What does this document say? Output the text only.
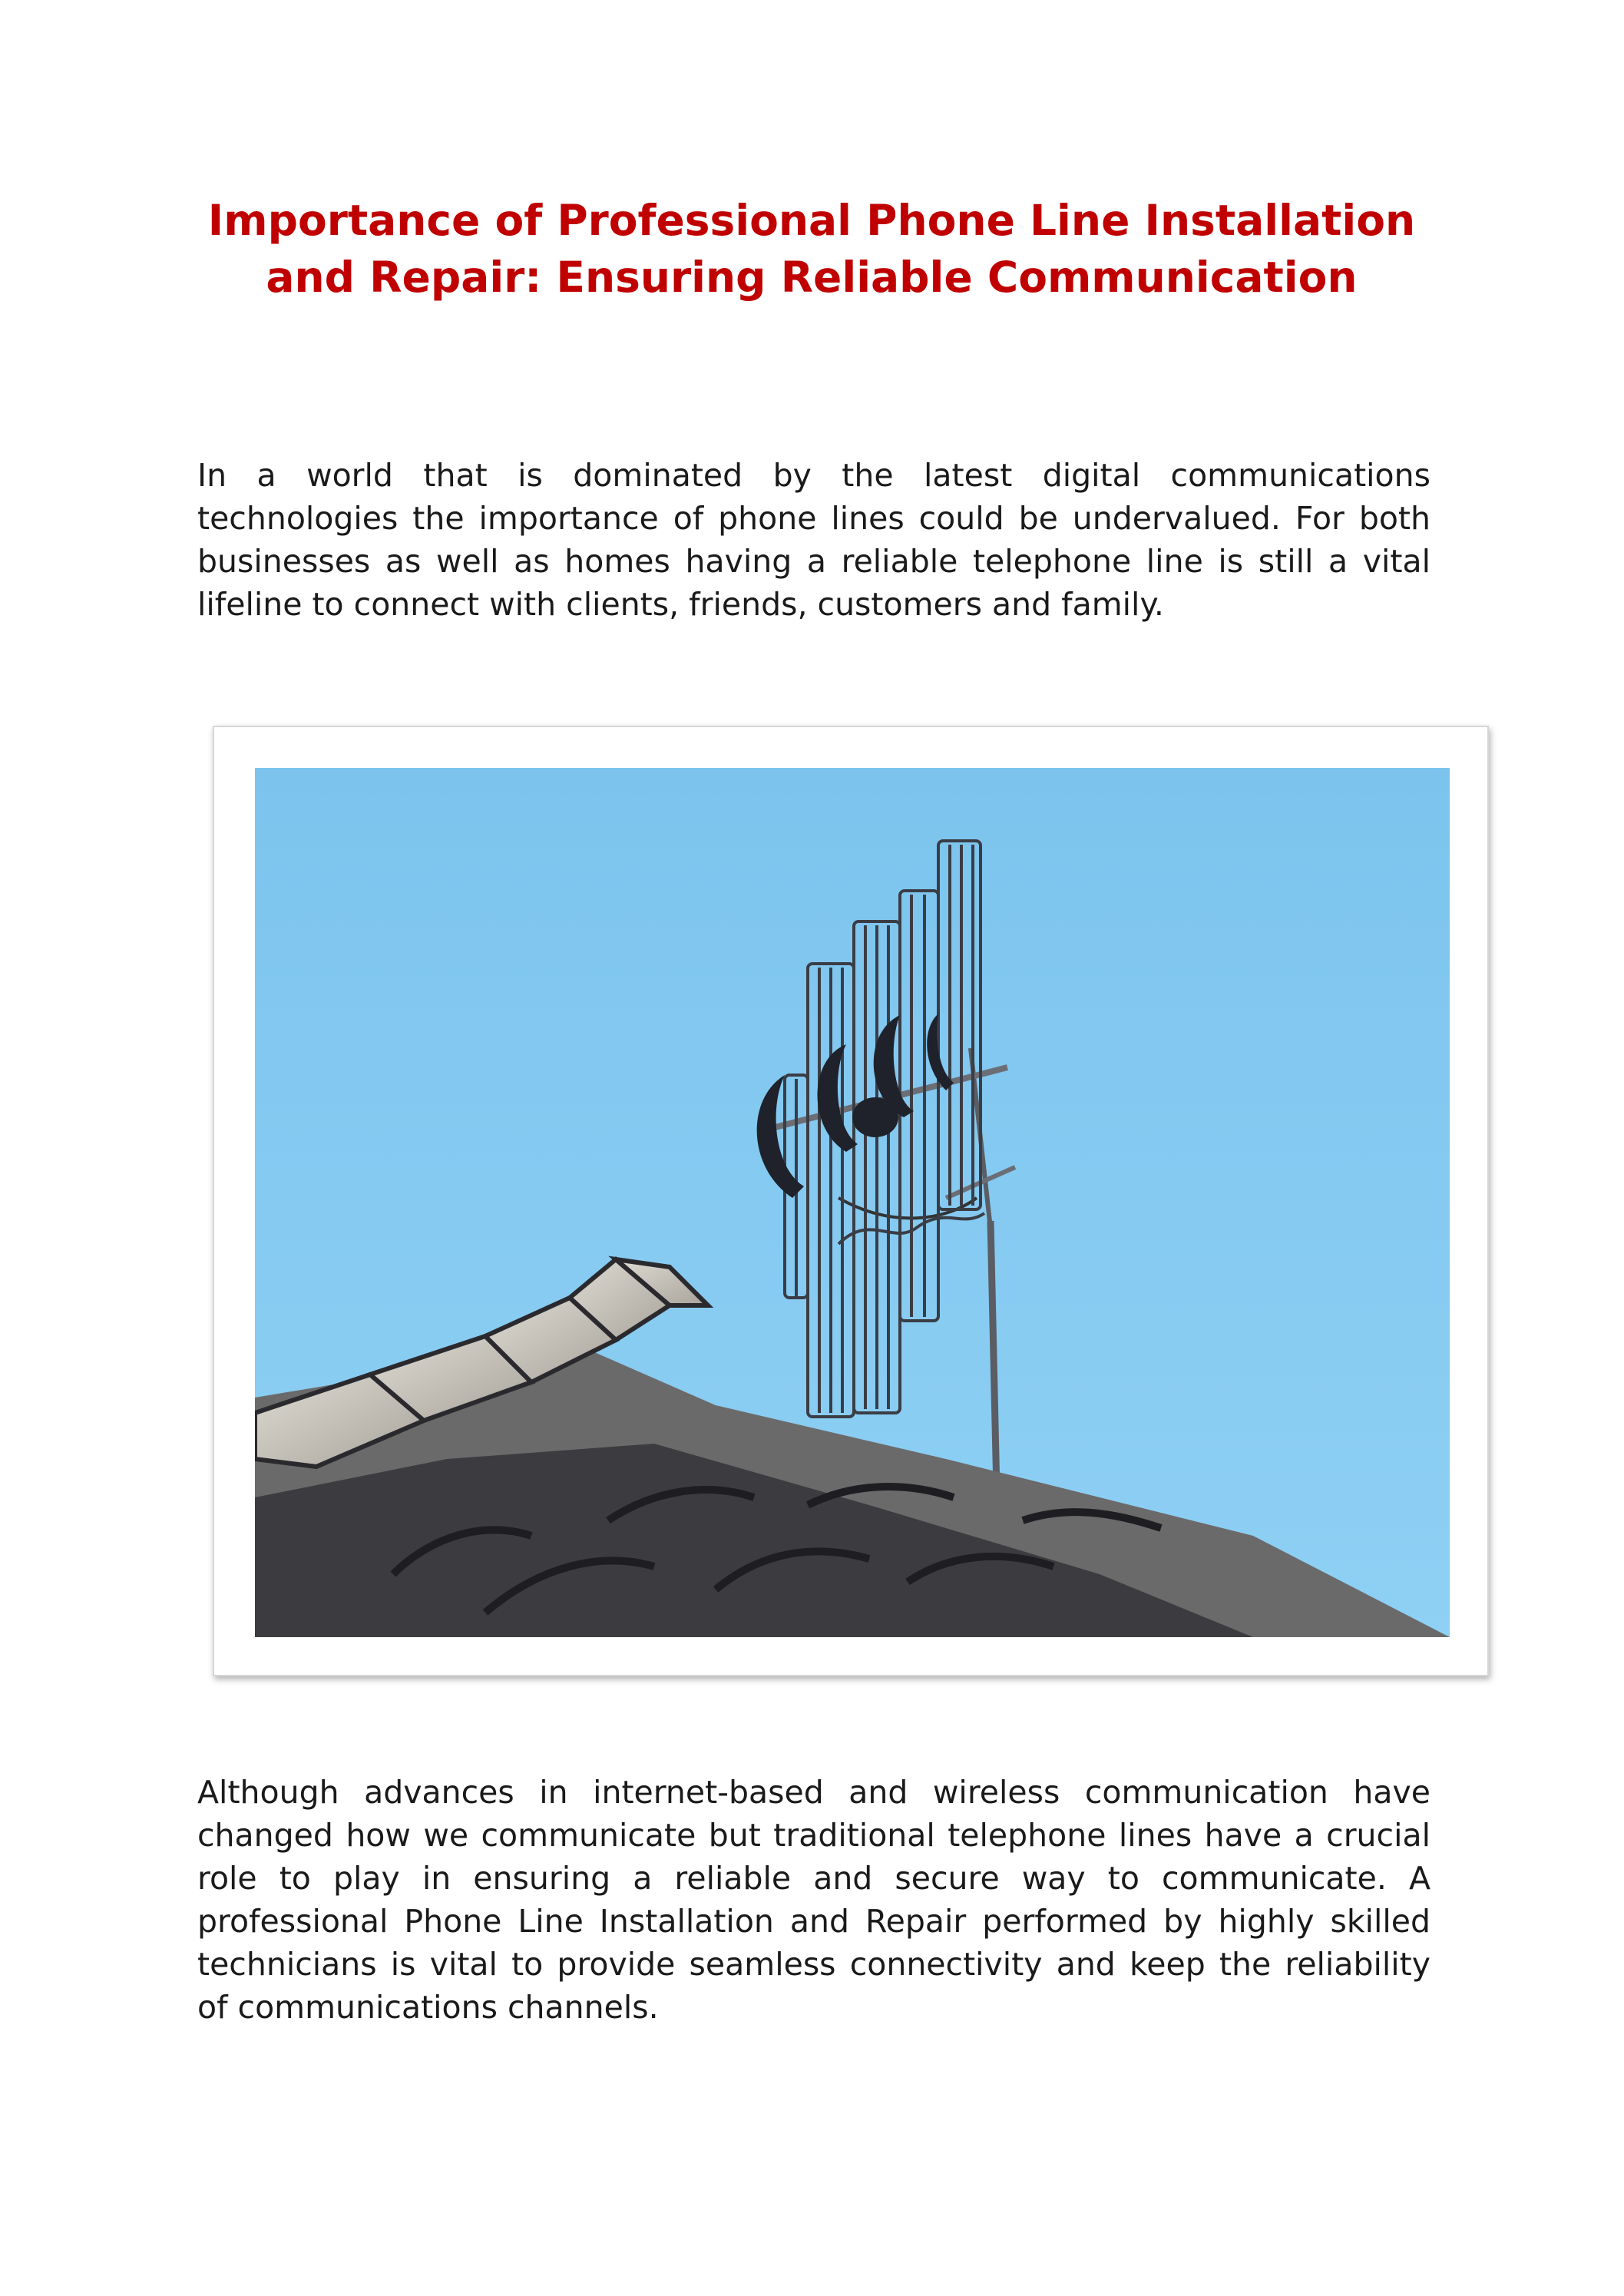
Importance of Professional Phone Line Installation and Repair: Ensuring Reliable Communication

In a world that is dominated by the latest digital communications technologies the importance of phone lines could be undervalued. For both businesses as well as homes having a reliable telephone line is still a vital lifeline to connect with clients, friends, customers and family.

Although advances in internet-based and wireless communication have changed how we communicate but traditional telephone lines have a crucial role to play in ensuring a reliable and secure way to communicate. A professional Phone Line Installation and Repair performed by highly skilled technicians is vital to provide seamless connectivity and keep the reliability of communications channels.
